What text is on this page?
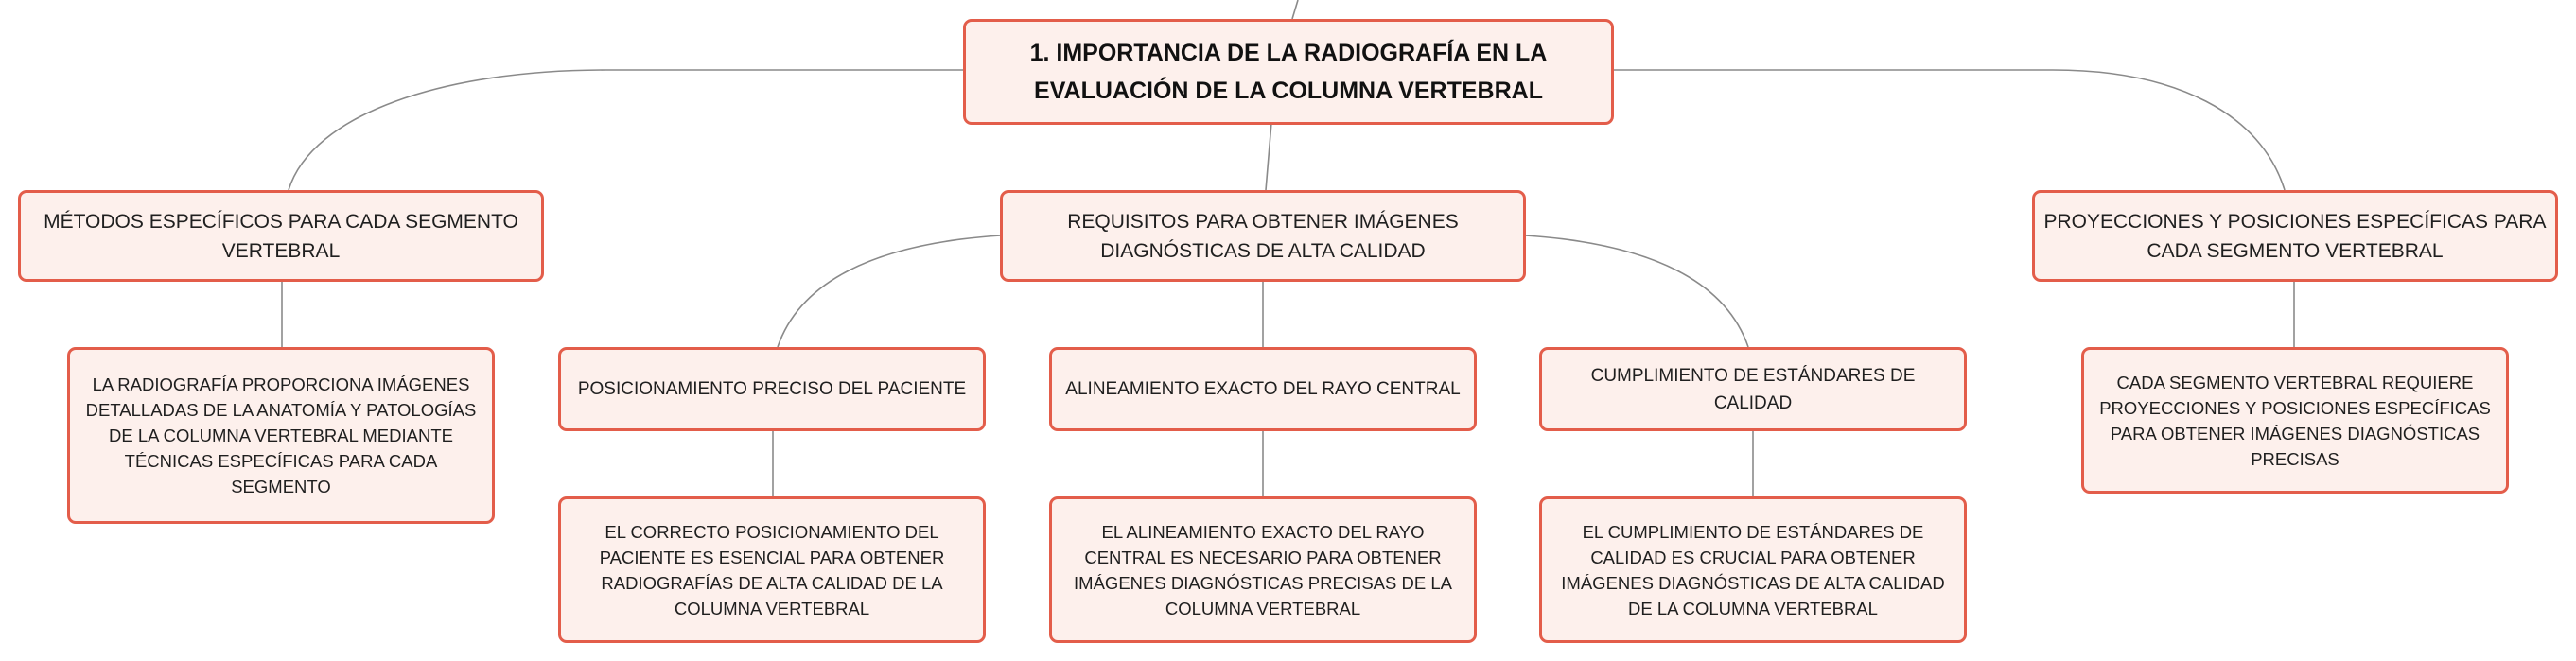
1. IMPORTANCIA DE LA RADIOGRAFÍA EN LA EVALUACIÓN DE LA COLUMNA VERTEBRAL
MÉTODOS ESPECÍFICOS PARA CADA SEGMENTO VERTEBRAL
REQUISITOS PARA OBTENER IMÁGENES DIAGNÓSTICAS DE ALTA CALIDAD
PROYECCIONES Y POSICIONES ESPECÍFICAS PARA CADA SEGMENTO VERTEBRAL
LA RADIOGRAFÍA PROPORCIONA IMÁGENES DETALLADAS DE LA ANATOMÍA Y PATOLOGÍAS DE LA COLUMNA VERTEBRAL MEDIANTE TÉCNICAS ESPECÍFICAS PARA CADA SEGMENTO
CADA SEGMENTO VERTEBRAL REQUIERE PROYECCIONES Y POSICIONES ESPECÍFICAS PARA OBTENER IMÁGENES DIAGNÓSTICAS PRECISAS
POSICIONAMIENTO PRECISO DEL PACIENTE	ALINEAMIENTO EXACTO DEL RAYO CENTRAL
CUMPLIMIENTO DE ESTÁNDARES DE CALIDAD
EL CORRECTO POSICIONAMIENTO DEL PACIENTE ES ESENCIAL PARA OBTENER RADIOGRAFÍAS DE ALTA CALIDAD DE LA COLUMNA VERTEBRAL
EL ALINEAMIENTO EXACTO DEL RAYO CENTRAL ES NECESARIO PARA OBTENER IMÁGENES DIAGNÓSTICAS PRECISAS DE LA COLUMNA VERTEBRAL
EL CUMPLIMIENTO DE ESTÁNDARES DE CALIDAD ES CRUCIAL PARA OBTENER IMÁGENES DIAGNÓSTICAS DE ALTA CALIDAD DE LA COLUMNA VERTEBRAL
